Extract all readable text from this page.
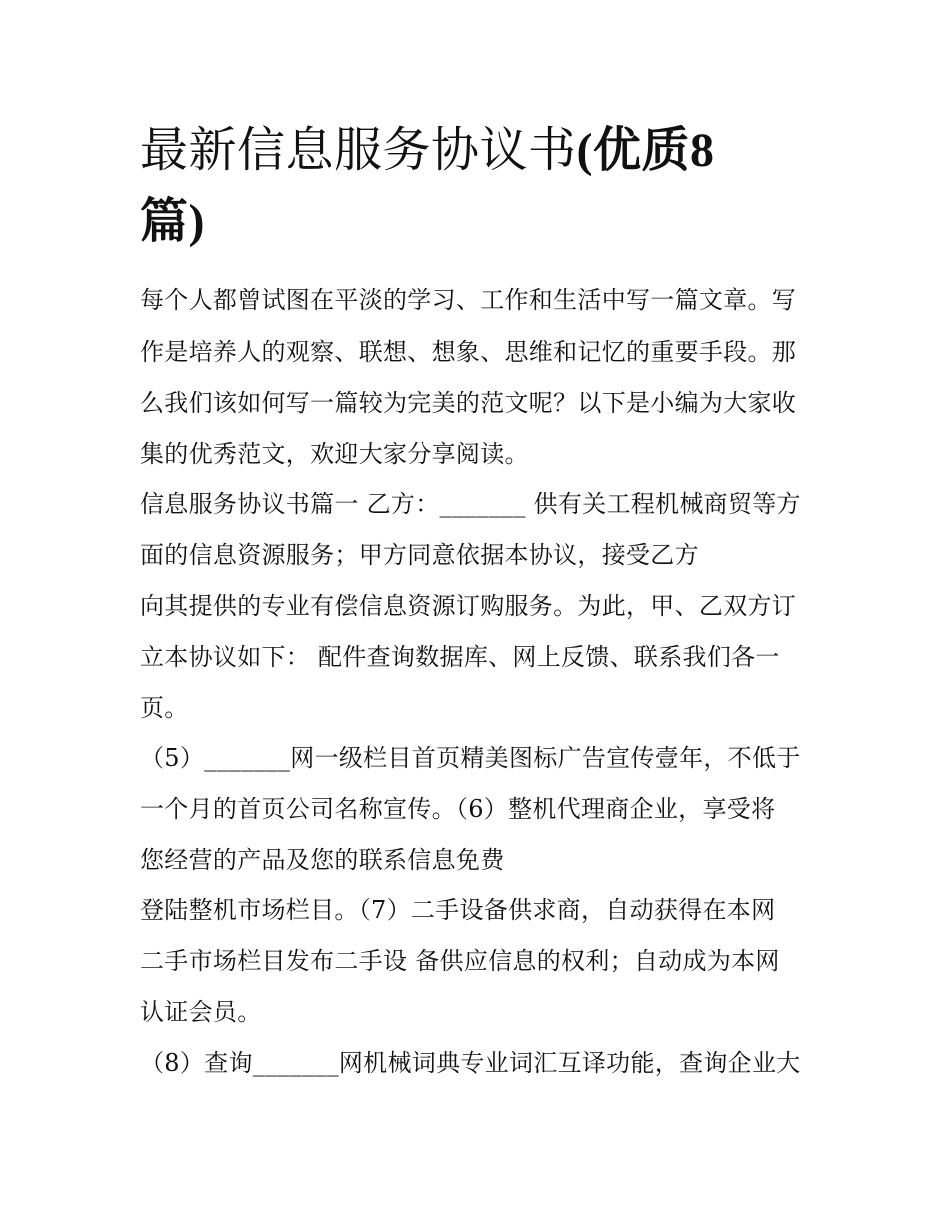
最新信息服务协议书(优质8
篇)

每个人都曾试图在平淡的学习、工作和生活中写一篇文章。写

作是培养人的观察、联想、想象、思维和记忆的重要手段。那

么我们该如何写一篇较为完美的范文呢？以下是小编为大家收

集的优秀范文，欢迎大家分享阅读。

信息服务协议书篇一 乙方：_______ 供有关工程机械商贸等方

面的信息资源服务；甲方同意依据本协议，接受乙方

向其提供的专业有偿信息资源订购服务。为此，甲、乙双方订

立本协议如下： 配件查询数据库、网上反馈、联系我们各一

页。

（5）_______网一级栏目首页精美图标广告宣传壹年，不低于

一个月的首页公司名称宣传。（6）整机代理商企业，享受将

您经营的产品及您的联系信息免费

登陆整机市场栏目。（7）二手设备供求商，自动获得在本网

二手市场栏目发布二手设 备供应信息的权利；自动成为本网

认证会员。

（8）查询_______网机械词典专业词汇互译功能，查询企业大
